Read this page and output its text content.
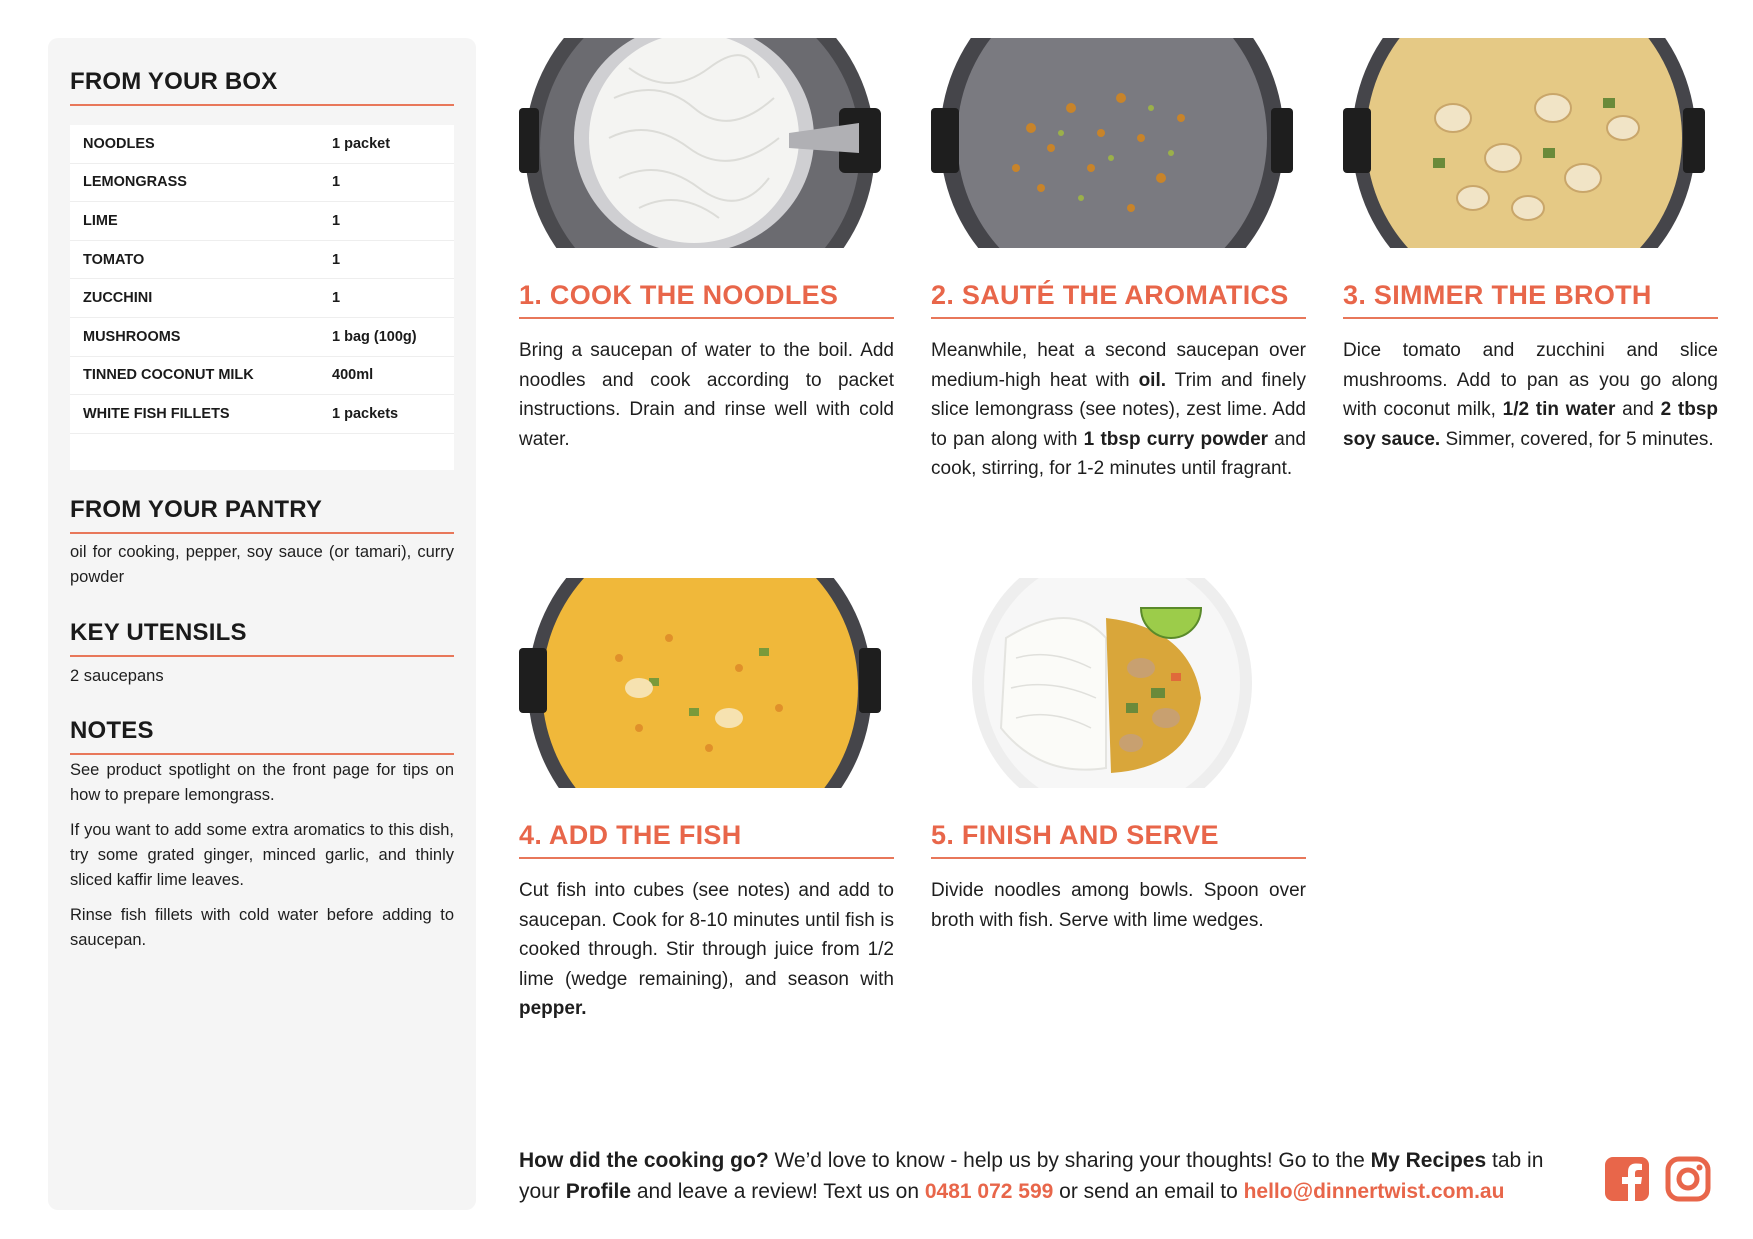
FROM YOUR BOX
NOODLES	1 packet
LEMONGRASS	1
LIME	1
TOMATO	1
ZUCCHINI	1
MUSHROOMS	1 bag (100g)
TINNED COCONUT MILK	400ml
WHITE FISH FILLETS	1 packets
FROM YOUR PANTRY
oil for cooking, pepper, soy sauce (or tamari), curry powder
KEY UTENSILS
2 saucepans
NOTES

See product spotlight on the front page for tips on how to prepare lemongrass.

If you want to add some extra aromatics to this dish, try some grated ginger, minced garlic, and thinly sliced kaffir lime leaves.

Rinse fish fillets with cold water before adding to saucepan.

1. COOK THE NOODLES
Bring a saucepan of water to the boil. Add noodles and cook according to packet instructions. Drain and rinse well with cold water.
2. SAUTÉ THE AROMATICS
Meanwhile, heat a second saucepan over medium-high heat with oil. Trim and finely slice lemongrass (see notes), zest lime. Add to pan along with 1 tbsp curry powder and cook, stirring, for 1-2 minutes until fragrant.
3. SIMMER THE BROTH
Dice tomato and zucchini and slice mushrooms. Add to pan as you go along with coconut milk, 1/2 tin water and 2 tbsp soy sauce. Simmer, covered, for 5 minutes.
4. ADD THE FISH
Cut fish into cubes (see notes) and add to saucepan. Cook for 8-10 minutes until fish is cooked through. Stir through juice from 1/2 lime (wedge remaining), and season with pepper.
5. FINISH AND SERVE
Divide noodles among bowls. Spoon over broth with fish. Serve with lime wedges.
How did the cooking go? We’d love to know - help us by sharing your thoughts! Go to the My Recipes tab in your Profile and leave a review! Text us on 0481 072 599 or send an email to hello@dinnertwist.com.au
